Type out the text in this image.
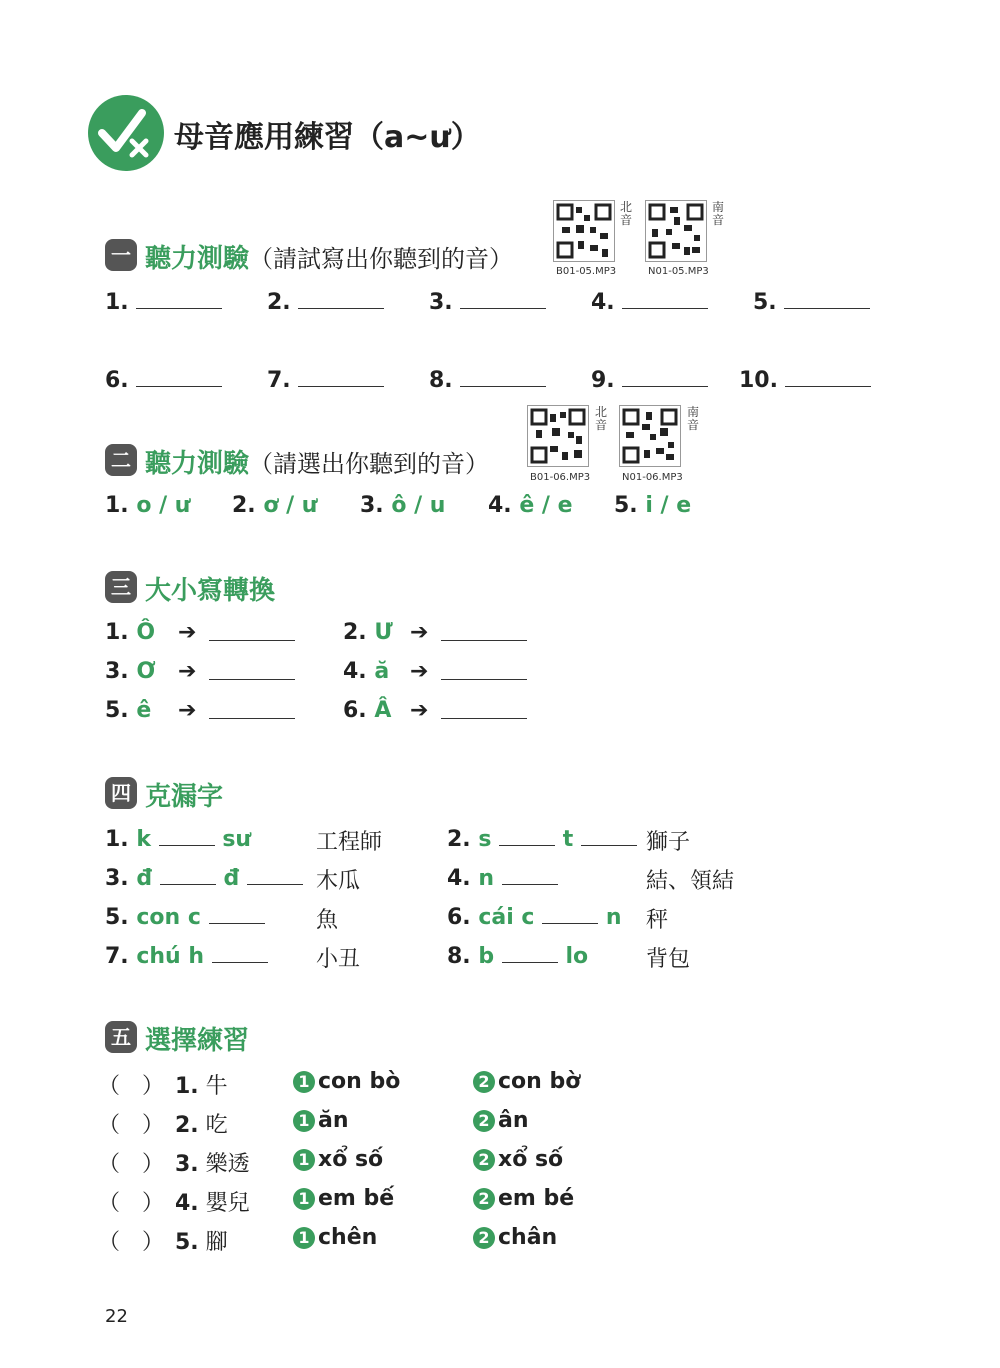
母音應用練習（a~ư）
北音
B01-05.MP3
南音
N01-05.MP3
一 聽力測驗（請試寫出你聽到的音）
1.	2.	3.	4.	5.
6.	7.	8.	9.	10.
北音
B01-06.MP3
南音
N01-06.MP3
二 聽力測驗（請選出你聽到的音）
1. o / ư 2. ơ / ư 3. ô / u 4. ê / e 5. i / e
三 大小寫轉換
1. Ô ➔	2. Ư ➔
3. Ơ ➔	4. ă ➔
5. ê ➔	6. Â ➔
四 克漏字
1. k	sư	工程師	2. s	t	獅子
3. đ	đ	木瓜	4. n	結、領結
5. con c	魚	6. cái c	n 秤
7. chú h	小丑	8. b	lo	背包
五 選擇練習
（　） 1. 牛	1 con bò	2 con bờ
（　） 2. 吃	1 ăn	2 ân
（　） 3. 樂透	1 xổ số	2 xổ số
（　） 4. 嬰兒	1 em bế	2 em bé
（　） 5. 腳	1 chên	2 chân
22
